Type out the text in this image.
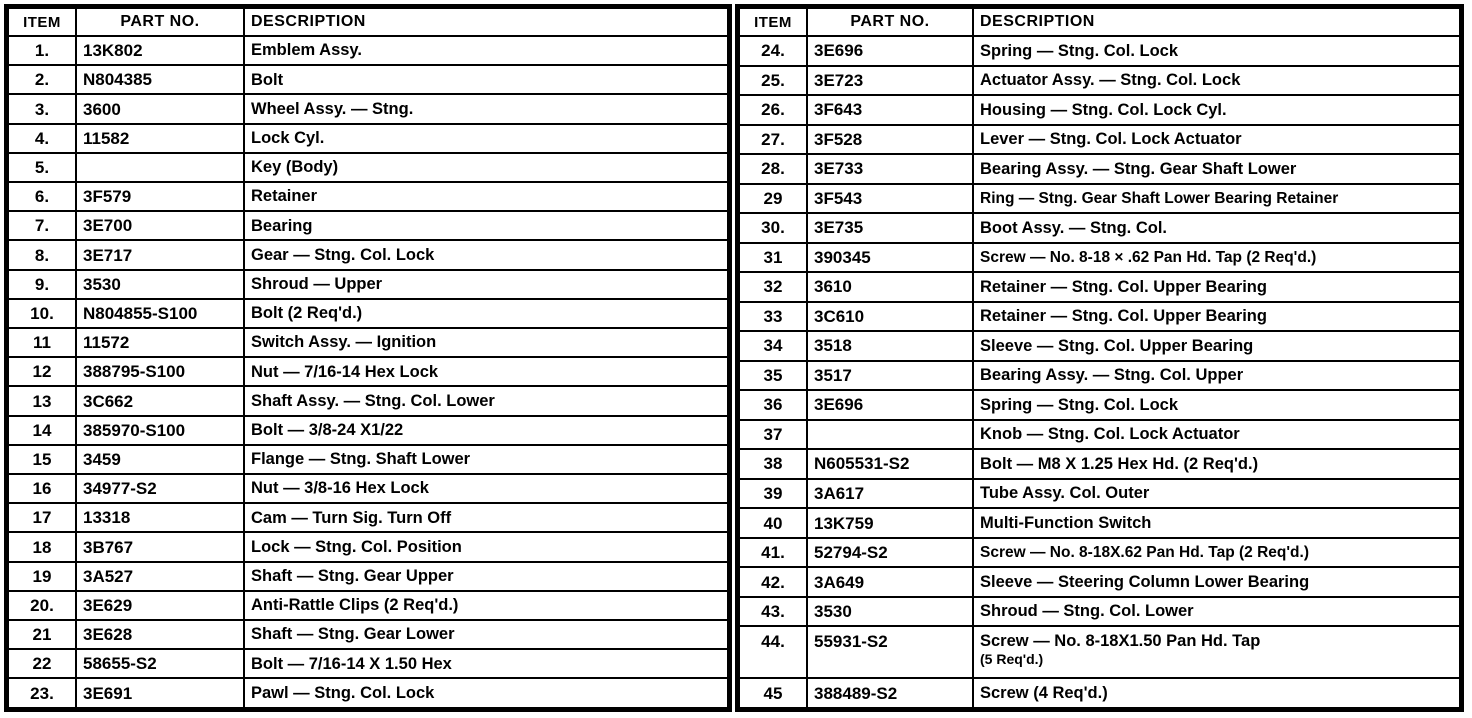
ITEM	PART NO.	DESCRIPTION
1.	13K802	Emblem Assy.
2.	N804385	Bolt
3.	3600	Wheel Assy. — Stng.
4.	11582	Lock Cyl.
5.		Key (Body)
6.	3F579	Retainer
7.	3E700	Bearing
8.	3E717	Gear — Stng. Col. Lock
9.	3530	Shroud — Upper
10.	N804855-S100	Bolt (2 Req'd.)
11	11572	Switch Assy. — Ignition
12	388795-S100	Nut — 7/16-14 Hex Lock
13	3C662	Shaft Assy. — Stng. Col. Lower
14	385970-S100	Bolt — 3/8-24 X1/22
15	3459	Flange — Stng. Shaft Lower
16	34977-S2	Nut — 3/8-16 Hex Lock
17	13318	Cam — Turn Sig. Turn Off
18	3B767	Lock — Stng. Col. Position
19	3A527	Shaft — Stng. Gear Upper
20.	3E629	Anti-Rattle Clips (2 Req'd.)
21	3E628	Shaft — Stng. Gear Lower
22	58655-S2	Bolt — 7/16-14 X 1.50 Hex
23.	3E691	Pawl — Stng. Col. Lock
ITEM	PART NO.	DESCRIPTION
24.	3E696	Spring — Stng. Col. Lock
25.	3E723	Actuator Assy. — Stng. Col. Lock
26.	3F643	Housing — Stng. Col. Lock Cyl.
27.	3F528	Lever — Stng. Col. Lock Actuator
28.	3E733	Bearing Assy. — Stng. Gear Shaft Lower
29	3F543	Ring — Stng. Gear Shaft Lower Bearing Retainer
30.	3E735	Boot Assy. — Stng. Col.
31	390345	Screw — No. 8-18 × .62 Pan Hd. Tap (2 Req'd.)
32	3610	Retainer — Stng. Col. Upper Bearing
33	3C610	Retainer — Stng. Col. Upper Bearing
34	3518	Sleeve — Stng. Col. Upper Bearing
35	3517	Bearing Assy. — Stng. Col. Upper
36	3E696	Spring — Stng. Col. Lock
37		Knob — Stng. Col. Lock Actuator
38	N605531-S2	Bolt — M8 X 1.25 Hex Hd. (2 Req'd.)
39	3A617	Tube Assy. Col. Outer
40	13K759	Multi-Function Switch
41.	52794-S2	Screw — No. 8-18X.62 Pan Hd. Tap (2 Req'd.)
42.	3A649	Sleeve — Steering Column Lower Bearing
43.	3530	Shroud — Stng. Col. Lower
44.	55931-S2	Screw — No. 8-18X1.50 Pan Hd. Tap
(5 Req'd.)

45	388489-S2	Screw (4 Req'd.)
